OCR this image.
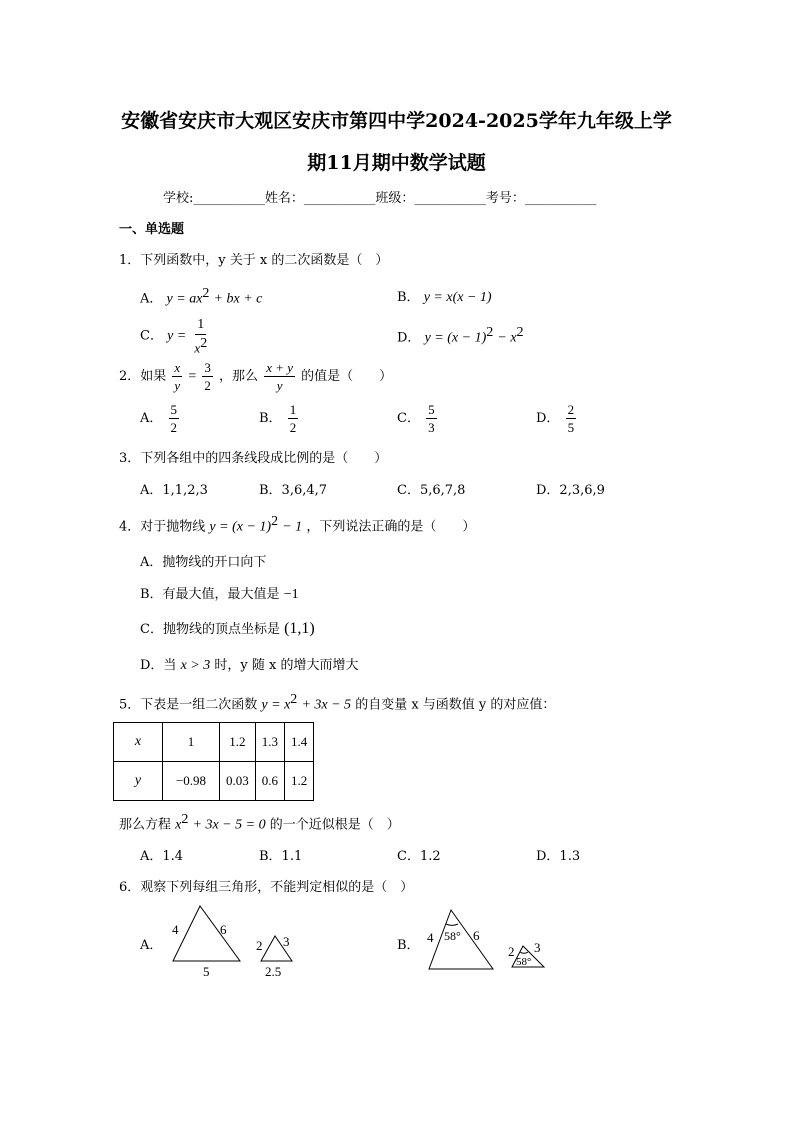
安徽省安庆市大观区安庆市第四中学2024-2025学年九年级上学
期11月期中数学试题
学校:___________姓名：___________班级：___________考号：___________
一、单选题
1．下列函数中，y 关于 x 的二次函数是（　）
A． $y = ax^2$ + bx + c	B． y = x(x − 1)
C． $y = \frac{1}{x^2}$	D． $y = (x - 1)^2 - x^2$
2．如果 $\frac{x}{y} = \frac{3}{2}$ ，那么 $\frac{x + y}{y}$ 的值是（　　）
A． $\frac{5}{2}$	B． $\frac{1}{2}$	C． $\frac{5}{3}$	D． $\frac{2}{5}$
3．下列各组中的四条线段成比例的是（　　）
A．1,1,2,3	B．3,6,4,7	C．5,6,7,8	D．2,3,6,9
4．对于抛物线 $y = (x - 1)^2 - 1$ ，下列说法正确的是（　　）
A．抛物线的开口向下
B．有最大值，最大值是 −1
C．抛物线的顶点坐标是 (1,1)
D．当 x > 3 时，y 随 x 的增大而增大
5．下表是一组二次函数 $y = x^2 + 3x - 5$ 的自变量 x 与函数值 y 的对应值：
x	1	1.2	1.3	1.4
y	−0.98	0.03	0.6	1.2
那么方程 $x^2 + 3x - 5 = 0$ 的一个近似根是（　）
A．1.4	B．1.1	C．1.2	D．1.3
6．观察下列每组三角形，不能判定相似的是（　）
A．	B．
4	6
5
2 3
2.5
58°
4	6
58°
2 3
